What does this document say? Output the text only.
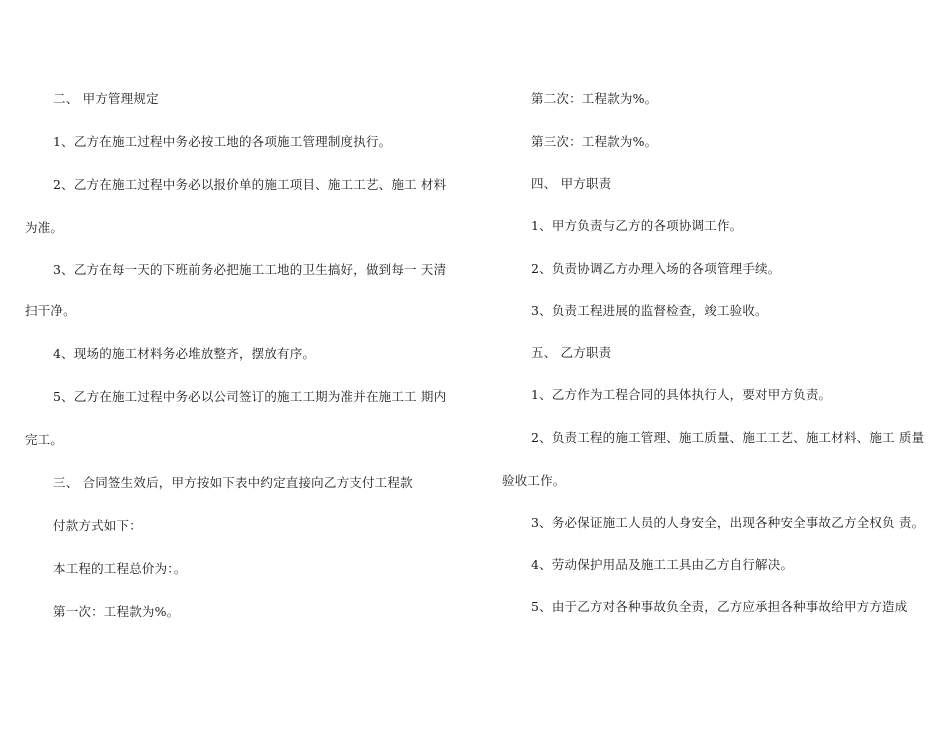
二、 甲方管理规定
1、乙方在施工过程中务必按工地的各项施工管理制度执行。
2、乙方在施工过程中务必以报价单的施工项目、施工工艺、施工 材料
为准。
3、乙方在每一天的下班前务必把施工工地的卫生搞好，做到每一 天清
扫干净。
4、现场的施工材料务必堆放整齐，摆放有序。
5、乙方在施工过程中务必以公司签订的施工工期为准并在施工工 期内
完工。
三、 合同签生效后，甲方按如下表中约定直接向乙方支付工程款
付款方式如下：
本工程的工程总价为：。
第一次：工程款为%。
第二次：工程款为%。
第三次：工程款为%。
四、 甲方职责
1、甲方负责与乙方的各项协调工作。
2、负责协调乙方办理入场的各项管理手续。
3、负责工程进展的监督检查，竣工验收。
五、 乙方职责
1、乙方作为工程合同的具体执行人，要对甲方负责。
2、负责工程的施工管理、施工质量、施工工艺、施工材料、施工 质量
验收工作。
3、务必保证施工人员的人身安全，出现各种安全事故乙方全权负 责。
4、劳动保护用品及施工工具由乙方自行解决。
5、由于乙方对各种事故负全责，乙方应承担各种事故给甲方方造成
